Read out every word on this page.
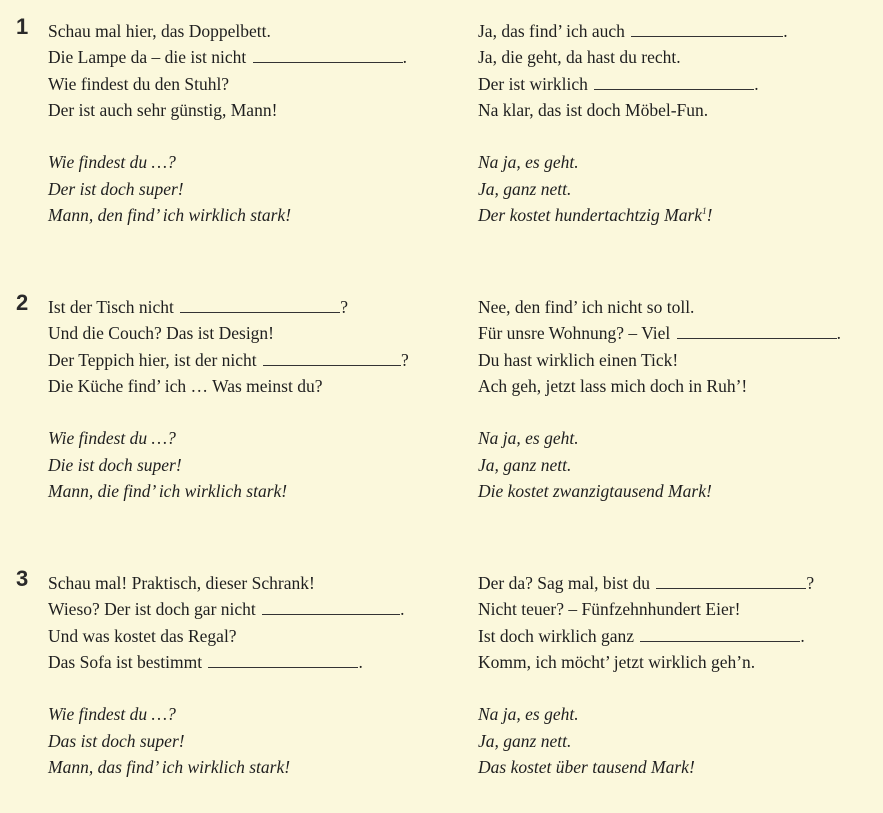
1 Schau mal hier, das Doppelbett.
Die Lampe da – die ist nicht	.
Wie findest du den Stuhl?
Der ist auch sehr günstig, Mann!
Wie findest du …?
Der ist doch super!
Mann, den find’ ich wirklich stark!
Ja, das find’ ich auch	.
Ja, die geht, da hast du recht.
Der ist wirklich	.
Na klar, das ist doch Möbel-Fun.
Na ja, es geht.
Ja, ganz nett.
Der kostet hundertachtzig Mark$^1$!
2 Ist der Tisch nicht	?
Und die Couch? Das ist Design!
Der Teppich hier, ist der nicht	?
Die Küche find’ ich … Was meinst du?
Wie findest du …?
Die ist doch super!
Mann, die find’ ich wirklich stark!
Nee, den find’ ich nicht so toll.
Für unsre Wohnung? – Viel	.
Du hast wirklich einen Tick!
Ach geh, jetzt lass mich doch in Ruh’!
Na ja, es geht.
Ja, ganz nett.
Die kostet zwanzigtausend Mark!
3 Schau mal! Praktisch, dieser Schrank!
Wieso? Der ist doch gar nicht	.
Und was kostet das Regal?
Das Sofa ist bestimmt	.
Wie findest du …?
Das ist doch super!
Mann, das find’ ich wirklich stark!
Der da? Sag mal, bist du	?
Nicht teuer? – Fünfzehnhundert Eier!
Ist doch wirklich ganz	.
Komm, ich möcht’ jetzt wirklich geh’n.
Na ja, es geht.
Ja, ganz nett.
Das kostet über tausend Mark!
